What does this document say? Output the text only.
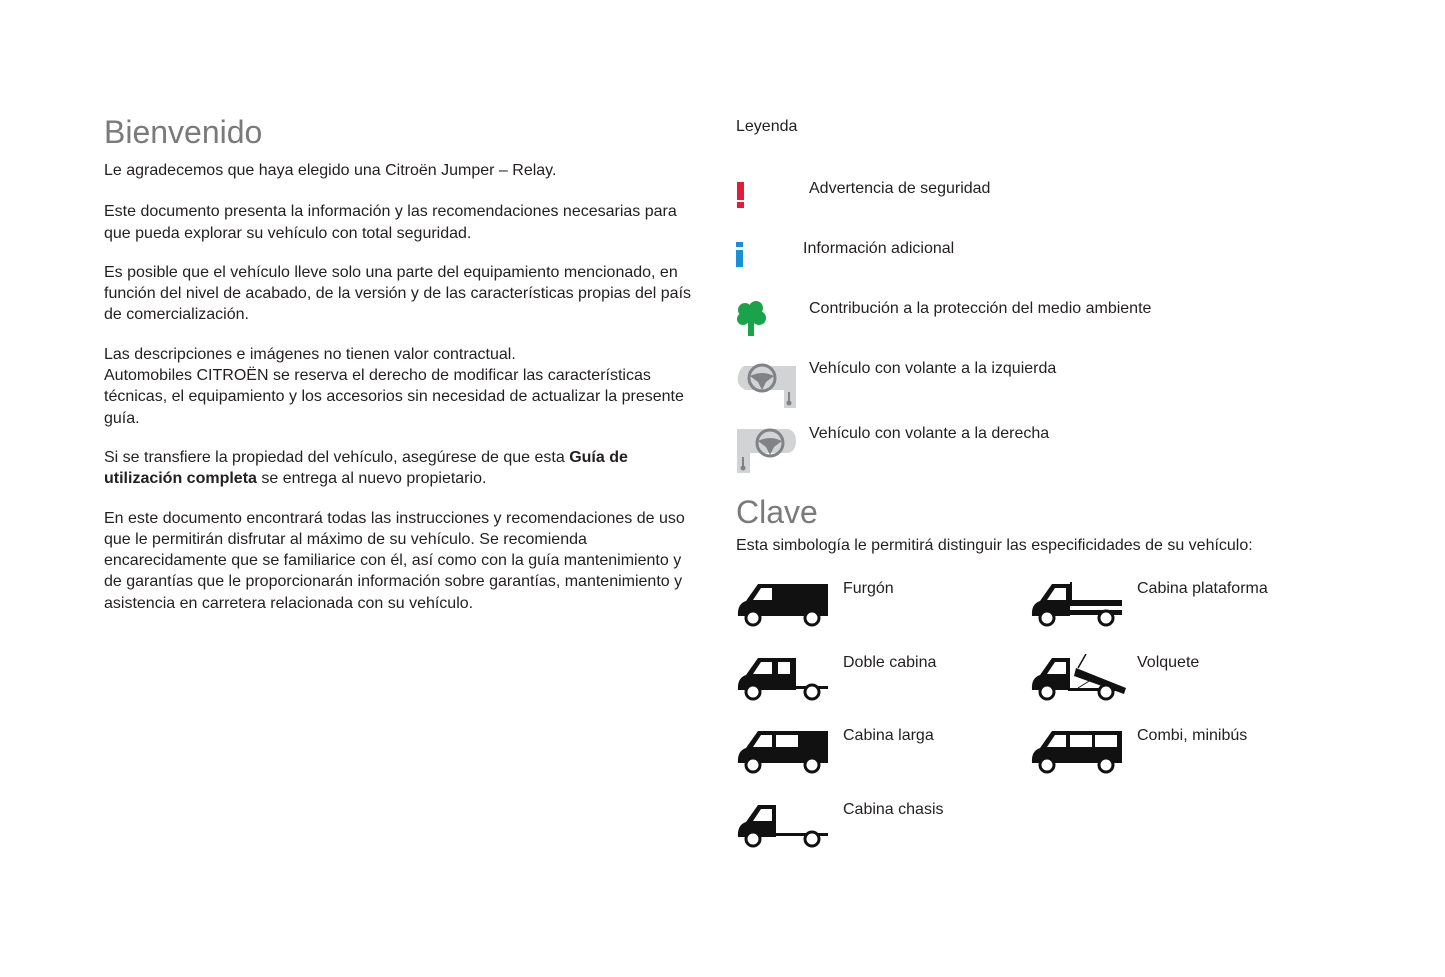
Bienvenido

Le agradecemos que haya elegido una Citroën Jumper – Relay.

Este documento presenta la información y las recomendaciones necesarias para que pueda explorar su vehículo con total seguridad.

Es posible que el vehículo lleve solo una parte del equipamiento mencionado, en función del nivel de acabado, de la versión y de las características propias del país de comercialización.

Las descripciones e imágenes no tienen valor contractual.
Automobiles CITROËN se reserva el derecho de modificar las características técnicas, el equipamiento y los accesorios sin necesidad de actualizar la presente guía.

Si se transfiere la propiedad del vehículo, asegúrese de que esta Guía de utilización completa se entrega al nuevo propietario.

En este documento encontrará todas las instrucciones y recomendaciones de uso que le permitirán disfrutar al máximo de su vehículo. Se recomienda encarecidamente que se familiarice con él, así como con la guía mantenimiento y de garantías que le proporcionarán información sobre garantías, mantenimiento y asistencia en carretera relacionada con su vehículo.

Leyenda
Advertencia de seguridad
Información adicional
Contribución a la protección del medio ambiente
Vehículo con volante a la izquierda
Vehículo con volante a la derecha
Clave
Esta simbología le permitirá distinguir las especificidades de su vehículo:
Furgón	Cabina plataforma
Doble cabina	Volquete
Cabina larga	Combi, minibús
Cabina chasis
